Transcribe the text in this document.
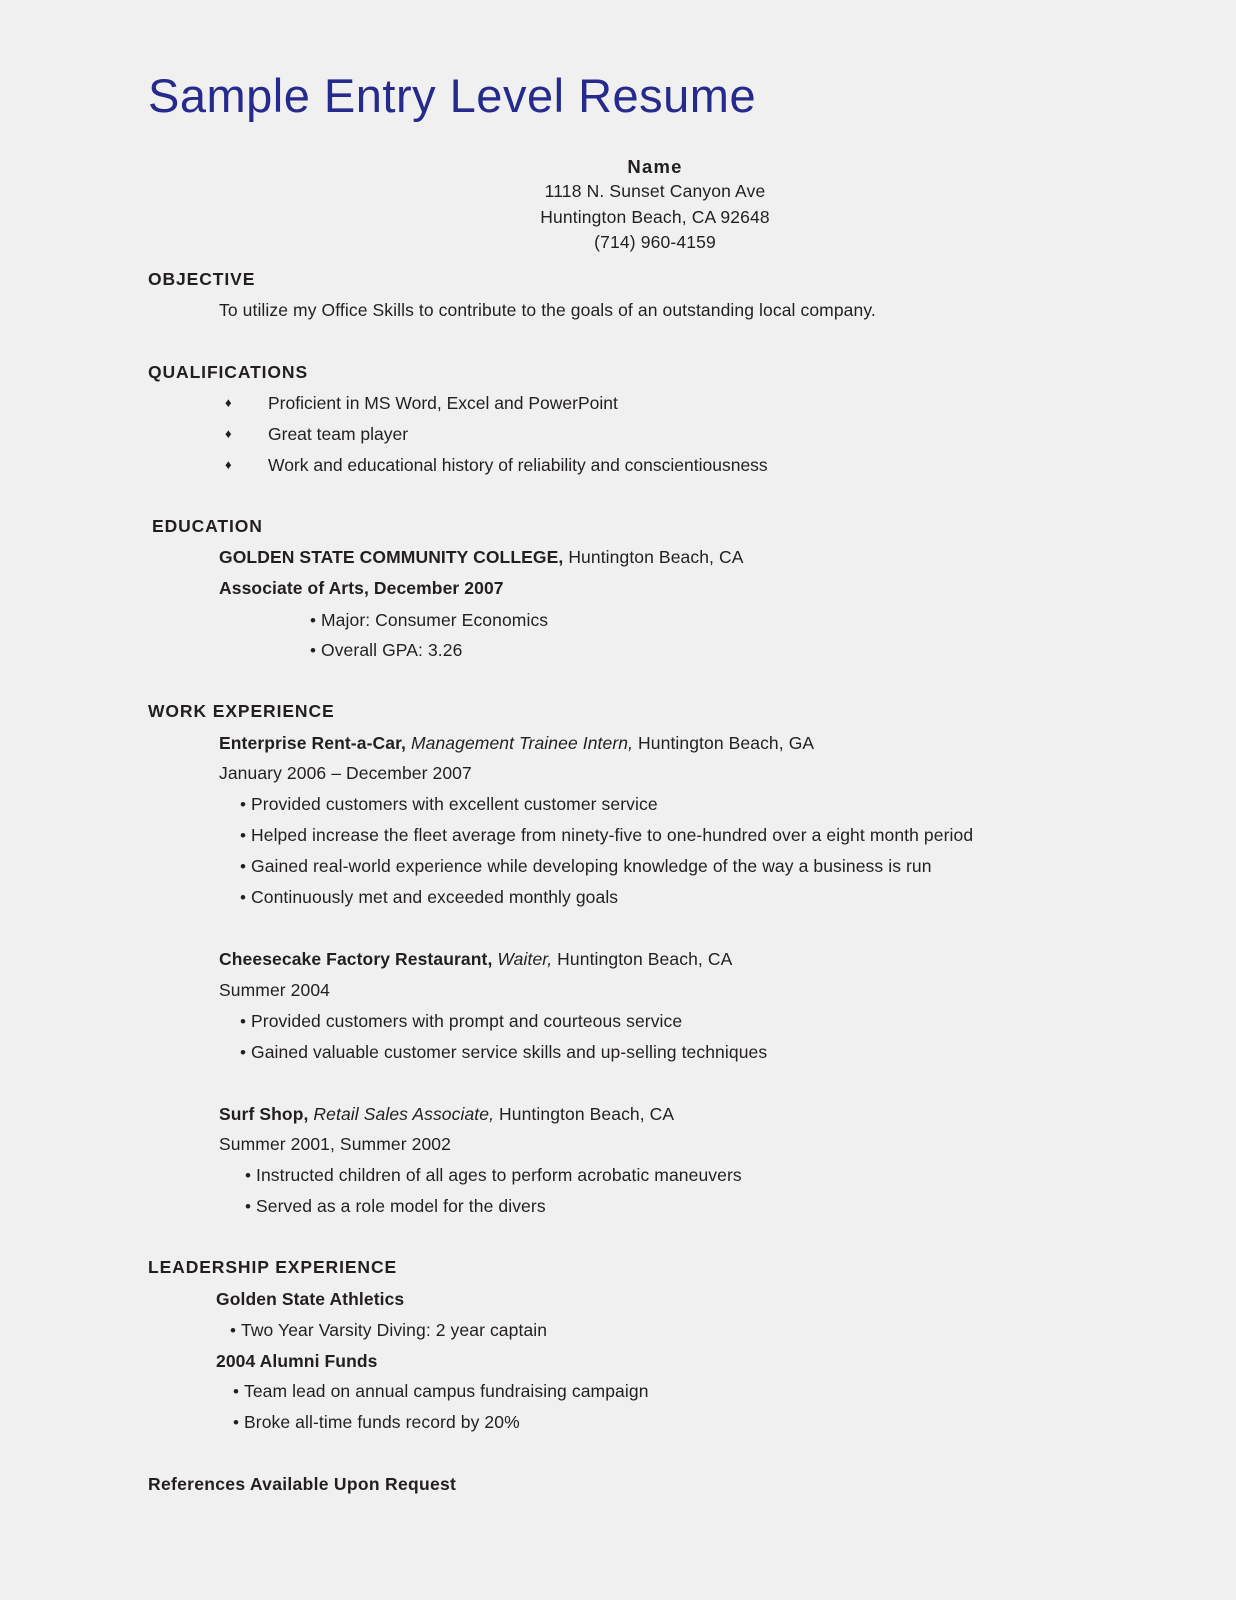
Sample Entry Level Resume
Name
1118 N. Sunset Canyon Ave
Huntington Beach, CA 92648
(714) 960-4159
OBJECTIVE
To utilize my Office Skills to contribute to the goals of an outstanding local company.
QUALIFICATIONS
♦ Proficient in MS Word, Excel and PowerPoint
♦ Great team player
♦ Work and educational history of reliability and conscientiousness
EDUCATION
GOLDEN STATE COMMUNITY COLLEGE, Huntington Beach, CA
Associate of Arts, December 2007
• Major: Consumer Economics
• Overall GPA: 3.26
WORK EXPERIENCE
Enterprise Rent-a-Car, Management Trainee Intern, Huntington Beach, GA
January 2006 – December 2007
• Provided customers with excellent customer service
• Helped increase the fleet average from ninety-five to one-hundred over a eight month period
• Gained real-world experience while developing knowledge of the way a business is run
• Continuously met and exceeded monthly goals
Cheesecake Factory Restaurant, Waiter, Huntington Beach, CA
Summer 2004
• Provided customers with prompt and courteous service
• Gained valuable customer service skills and up-selling techniques
Surf Shop, Retail Sales Associate, Huntington Beach, CA
Summer 2001, Summer 2002
• Instructed children of all ages to perform acrobatic maneuvers
• Served as a role model for the divers
LEADERSHIP EXPERIENCE
Golden State Athletics
• Two Year Varsity Diving: 2 year captain
2004 Alumni Funds
• Team lead on annual campus fundraising campaign
• Broke all-time funds record by 20%
References Available Upon Request
